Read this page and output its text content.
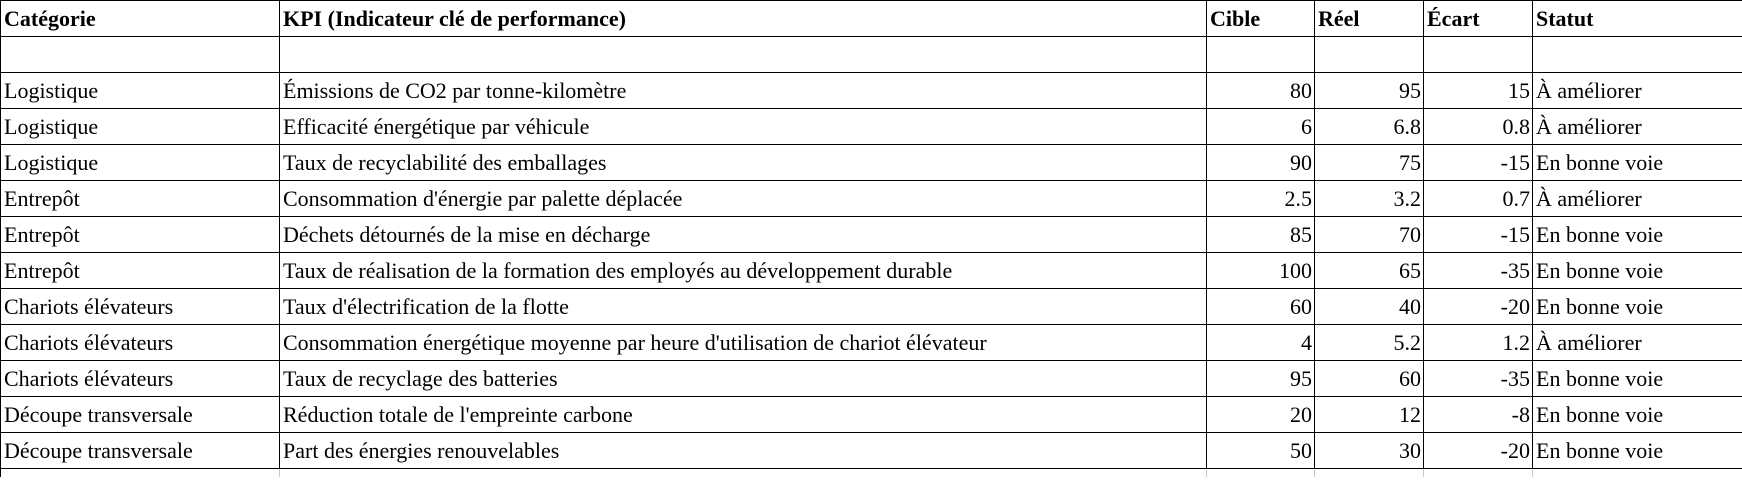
Catégorie	KPI (Indicateur clé de performance)	Cible	Réel	Écart	Statut

Logistique	Émissions de CO2 par tonne-kilomètre	80	95	15	À améliorer
Logistique	Efficacité énergétique par véhicule	6	6.8	0.8	À améliorer
Logistique	Taux de recyclabilité des emballages	90	75	-15	En bonne voie
Entrepôt	Consommation d'énergie par palette déplacée	2.5	3.2	0.7	À améliorer
Entrepôt	Déchets détournés de la mise en décharge	85	70	-15	En bonne voie
Entrepôt	Taux de réalisation de la formation des employés au développement durable	100	65	-35	En bonne voie
Chariots élévateurs	Taux d'électrification de la flotte	60	40	-20	En bonne voie
Chariots élévateurs	Consommation énergétique moyenne par heure d'utilisation de chariot élévateur	4	5.2	1.2	À améliorer
Chariots élévateurs	Taux de recyclage des batteries	95	60	-35	En bonne voie
Découpe transversale	Réduction totale de l'empreinte carbone	20	12	-8	En bonne voie
Découpe transversale	Part des énergies renouvelables	50	30	-20	En bonne voie
